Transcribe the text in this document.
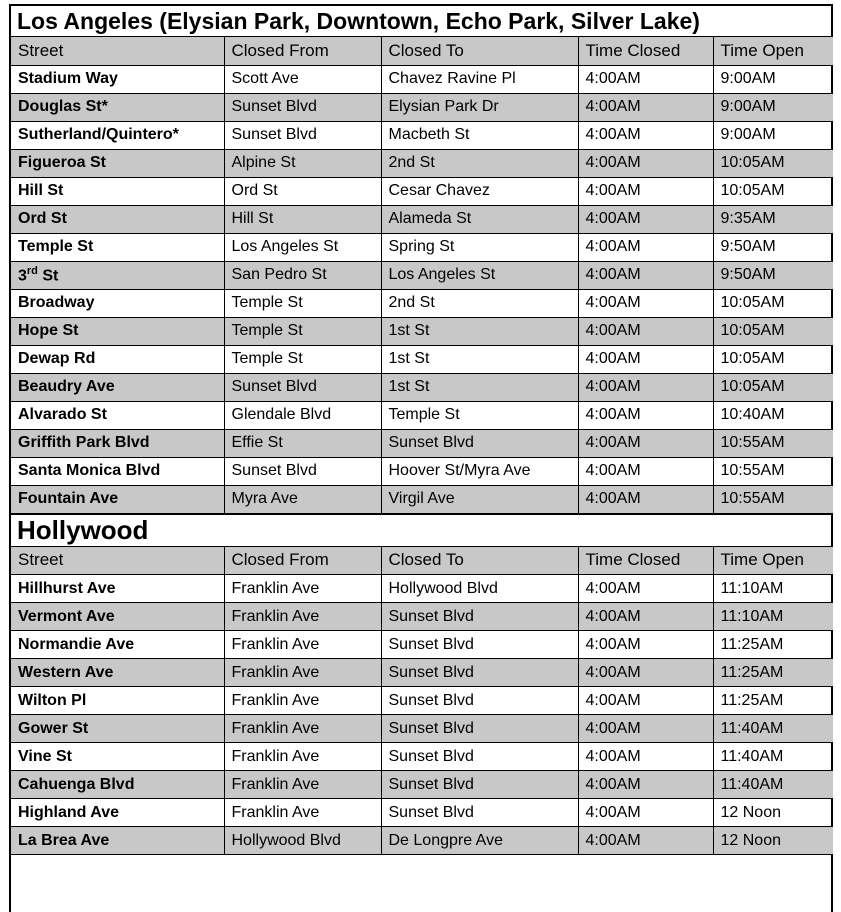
Los Angeles (Elysian Park, Downtown, Echo Park, Silver Lake)
Street	Closed From	Closed To	Time Closed	Time Open
Stadium Way	Scott Ave	Chavez Ravine Pl	4:00AM	9:00AM
Douglas St*	Sunset Blvd	Elysian Park Dr	4:00AM	9:00AM
Sutherland/Quintero*	Sunset Blvd	Macbeth St	4:00AM	9:00AM
Figueroa St	Alpine St	2nd St	4:00AM	10:05AM
Hill St	Ord St	Cesar Chavez	4:00AM	10:05AM
Ord St	Hill St	Alameda St	4:00AM	9:35AM
Temple St	Los Angeles St	Spring St	4:00AM	9:50AM
3rd St	San Pedro St	Los Angeles St	4:00AM	9:50AM
Broadway	Temple St	2nd St	4:00AM	10:05AM
Hope St	Temple St	1st St	4:00AM	10:05AM
Dewap Rd	Temple St	1st St	4:00AM	10:05AM
Beaudry Ave	Sunset Blvd	1st St	4:00AM	10:05AM
Alvarado St	Glendale Blvd	Temple St	4:00AM	10:40AM
Griffith Park Blvd	Effie St	Sunset Blvd	4:00AM	10:55AM
Santa Monica Blvd	Sunset Blvd	Hoover St/Myra Ave	4:00AM	10:55AM
Fountain Ave	Myra Ave	Virgil Ave	4:00AM	10:55AM
Hollywood
Street	Closed From	Closed To	Time Closed	Time Open
Hillhurst Ave	Franklin Ave	Hollywood Blvd	4:00AM	11:10AM
Vermont Ave	Franklin Ave	Sunset Blvd	4:00AM	11:10AM
Normandie Ave	Franklin Ave	Sunset Blvd	4:00AM	11:25AM
Western Ave	Franklin Ave	Sunset Blvd	4:00AM	11:25AM
Wilton Pl	Franklin Ave	Sunset Blvd	4:00AM	11:25AM
Gower St	Franklin Ave	Sunset Blvd	4:00AM	11:40AM
Vine St	Franklin Ave	Sunset Blvd	4:00AM	11:40AM
Cahuenga Blvd	Franklin Ave	Sunset Blvd	4:00AM	11:40AM
Highland Ave	Franklin Ave	Sunset Blvd	4:00AM	12 Noon
La Brea Ave	Hollywood Blvd	De Longpre Ave	4:00AM	12 Noon
